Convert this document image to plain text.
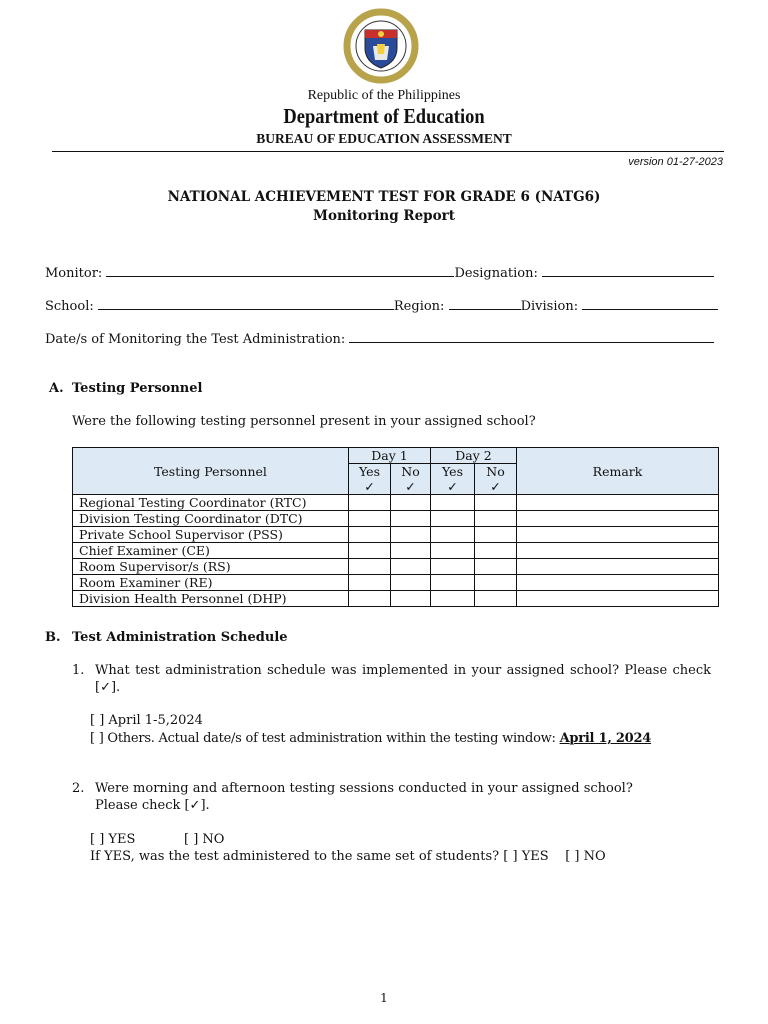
Republic of the Philippines
Department of Education
BUREAU OF EDUCATION ASSESSMENT
version 01-27-2023
NATIONAL ACHIEVEMENT TEST FOR GRADE 6 (NATG6)
Monitoring Report
Monitor:	Designation:
School:	Region:	Division:
Date/s of Monitoring the Test Administration:
A. Testing Personnel
Were the following testing personnel present in your assigned school?
Testing Personnel	Day 1		Day 2		Remark
	Yes	No	Yes	No	
	✓	✓	✓	✓	
Regional Testing Coordinator (RTC)					
Division Testing Coordinator (DTC)					
Private School Supervisor (PSS)					
Chief Examiner (CE)					
Room Supervisor/s (RS)					
Room Examiner (RE)					
Division Health Personnel (DHP)					
B. Test Administration Schedule
1. What test administration schedule was implemented in your assigned school? Please check
[✓].
[ ] April 1-5,2024
[ ] Others. Actual date/s of test administration within the testing window: April 1, 2024
2. Were morning and afternoon testing sessions conducted in your assigned school?
Please check [✓].
[ ] YES	[ ] NO
If YES, was the test administered to the same set of students? [ ] YES [ ] NO
1
